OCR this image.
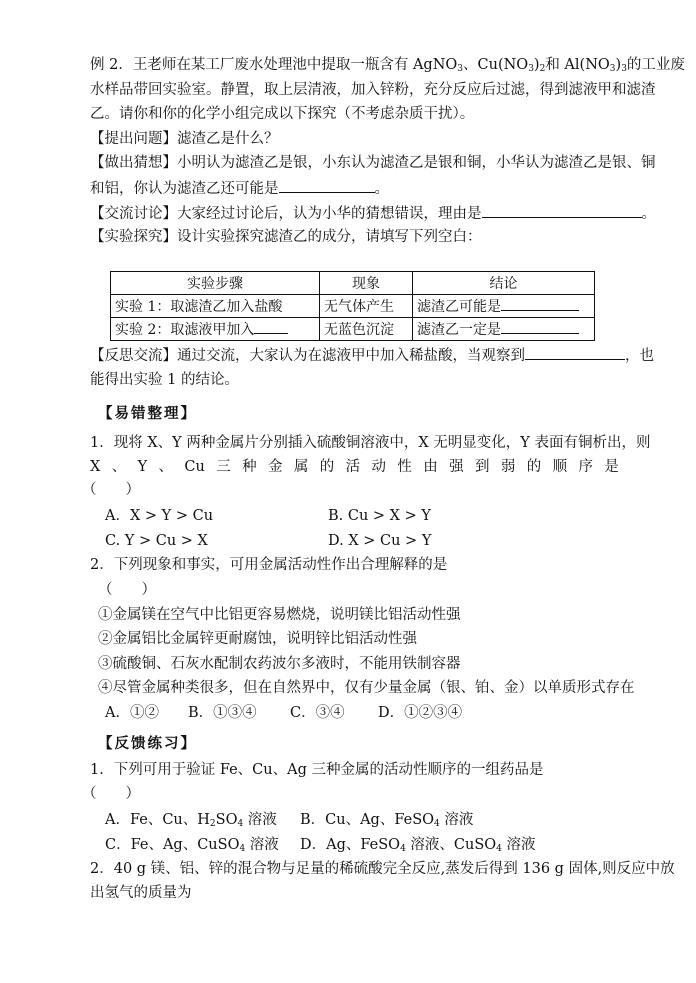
例 2．王老师在某工厂废水处理池中提取一瓶含有 AgNO$_3$、$Cu(NO_3)_2$和 $Al(NO_3)_3$的工业废
水样品带回实验室。静置，取上层清液，加入锌粉，充分反应后过滤，得到滤液甲和滤渣
乙。请你和你的化学小组完成以下探究（不考虑杂质干扰）。
【提出问题】滤渣乙是什么？
【做出猜想】小明认为滤渣乙是银，小东认为滤渣乙是银和铜，小华认为滤渣乙是银、铜
和铝，你认为滤渣乙还可能是	。
【交流讨论】大家经过讨论后，认为小华的猜想错误，理由是	。
【实验探究】设计实验探究滤渣乙的成分，请填写下列空白：
实验步骤	现象	结论
实验 1：取滤渣乙加入盐酸	无气体产生	滤渣乙可能是
实验 2：取滤液甲加入	无蓝色沉淀	滤渣乙一定是
【反思交流】通过交流，大家认为在滤液甲中加入稀盐酸，当观察到	，也
能得出实验 1 的结论。
【易错整理】
1．现将 X、Y 两种金属片分别插入硫酸铜溶液中，X 无明显变化，Y 表面有铜析出，则
X 、 Y 、 Cu 三 种 金 属 的 活 动 性 由 强 到 弱 的 顺 序 是
（　　）
A．X > Y > Cu	B. Cu > X > Y
C. Y > Cu > X	D. X > Cu > Y
2．下列现象和事实，可用金属活动性作出合理解释的是
（　　）
①金属镁在空气中比铝更容易燃烧，说明镁比铝活动性强
②金属铝比金属锌更耐腐蚀，说明锌比铝活动性强
③硫酸铜、石灰水配制农药波尔多液时，不能用铁制容器
④尽管金属种类很多，但在自然界中，仅有少量金属（银、铂、金）以单质形式存在
A．①② B．①③④ C．③④ D．①②③④
【反馈练习】
1．下列可用于验证 Fe、Cu、Ag 三种金属的活动性顺序的一组药品是
（　　）
A．Fe、Cu、$H_2SO_4$ 溶液 B．Cu、Ag、FeSO$_4$ 溶液
C．Fe、Ag、CuSO$_4$ 溶液 D．Ag、FeSO$_4$ 溶液、CuSO$_4$ 溶液
2．40 g 镁、铝、锌的混合物与足量的稀硫酸完全反应,蒸发后得到 136 g 固体,则反应中放
出氢气的质量为
